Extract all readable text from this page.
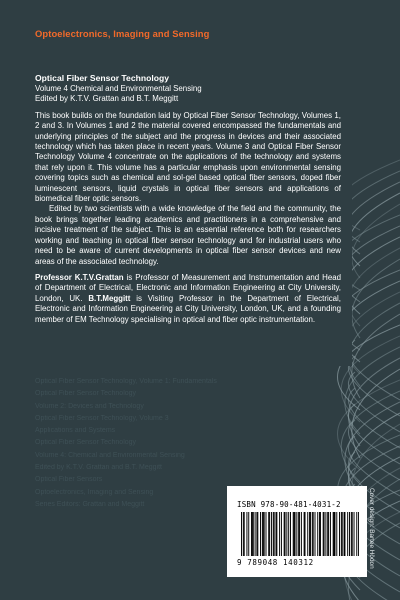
Optoelectronics, Imaging and Sensing
Optical Fiber Sensor Technology
Volume 4 Chemical and Environmental Sensing
Edited by K.T.V. Grattan and B.T. Meggitt

This book builds on the foundation laid by Optical Fiber Sensor Technology, Volumes 1, 2 and 3. In Volumes 1 and 2 the material covered encompassed the fundamentals and underlying principles of the subject and the progress in devices and their associated technology which has taken place in recent years. Volume 3 and Optical Fiber Sensor Technology Volume 4 concentrate on the applications of the technology and systems that rely upon it. This volume has a particular emphasis upon environmental sensing covering topics such as chemical and sol-gel based optical fiber sensors, doped fiber luminescent sensors, liquid crystals in optical fiber sensors and applications of biomedical fiber optic sensors.

Edited by two scientists with a wide knowledge of the field and the community, the book brings together leading academics and practitioners in a comprehensive and incisive treatment of the subject. This is an essential reference both for researchers working and teaching in optical fiber sensor technology and for industrial users who need to be aware of current developments in optical fiber sensor devices and new areas of the associated technology.

Professor K.T.V.Grattan is Professor of Measurement and Instrumentation and Head of Department of Electrical, Electronic and Information Engineering at City University, London, UK. B.T.Meggitt is Visiting Professor in the Department of Electrical, Electronic and Information Engineering at City University, London, UK, and a founding member of EM Technology specialising in optical and fiber optic instrumentation.

Optical Fiber Sensor Technology, Volume 1: Fundamentals
Optical Fiber Sensor Technology
Volume 2: Devices and Technology
Optical Fiber Sensor Technology, Volume 3
Applications and Systems
Optical Fiber Sensor Technology
Volume 4: Chemical and Environmental Sensing
Edited by K.T.V. Grattan and B.T. Meggitt
Optical Fiber Sensors
Optoelectronics, Imaging and Sensing
Series Editors: Grattan and Meggitt	ISBN 978-90-481-4031-2
9 789048 140312	Cover design: Bartee Hödon
